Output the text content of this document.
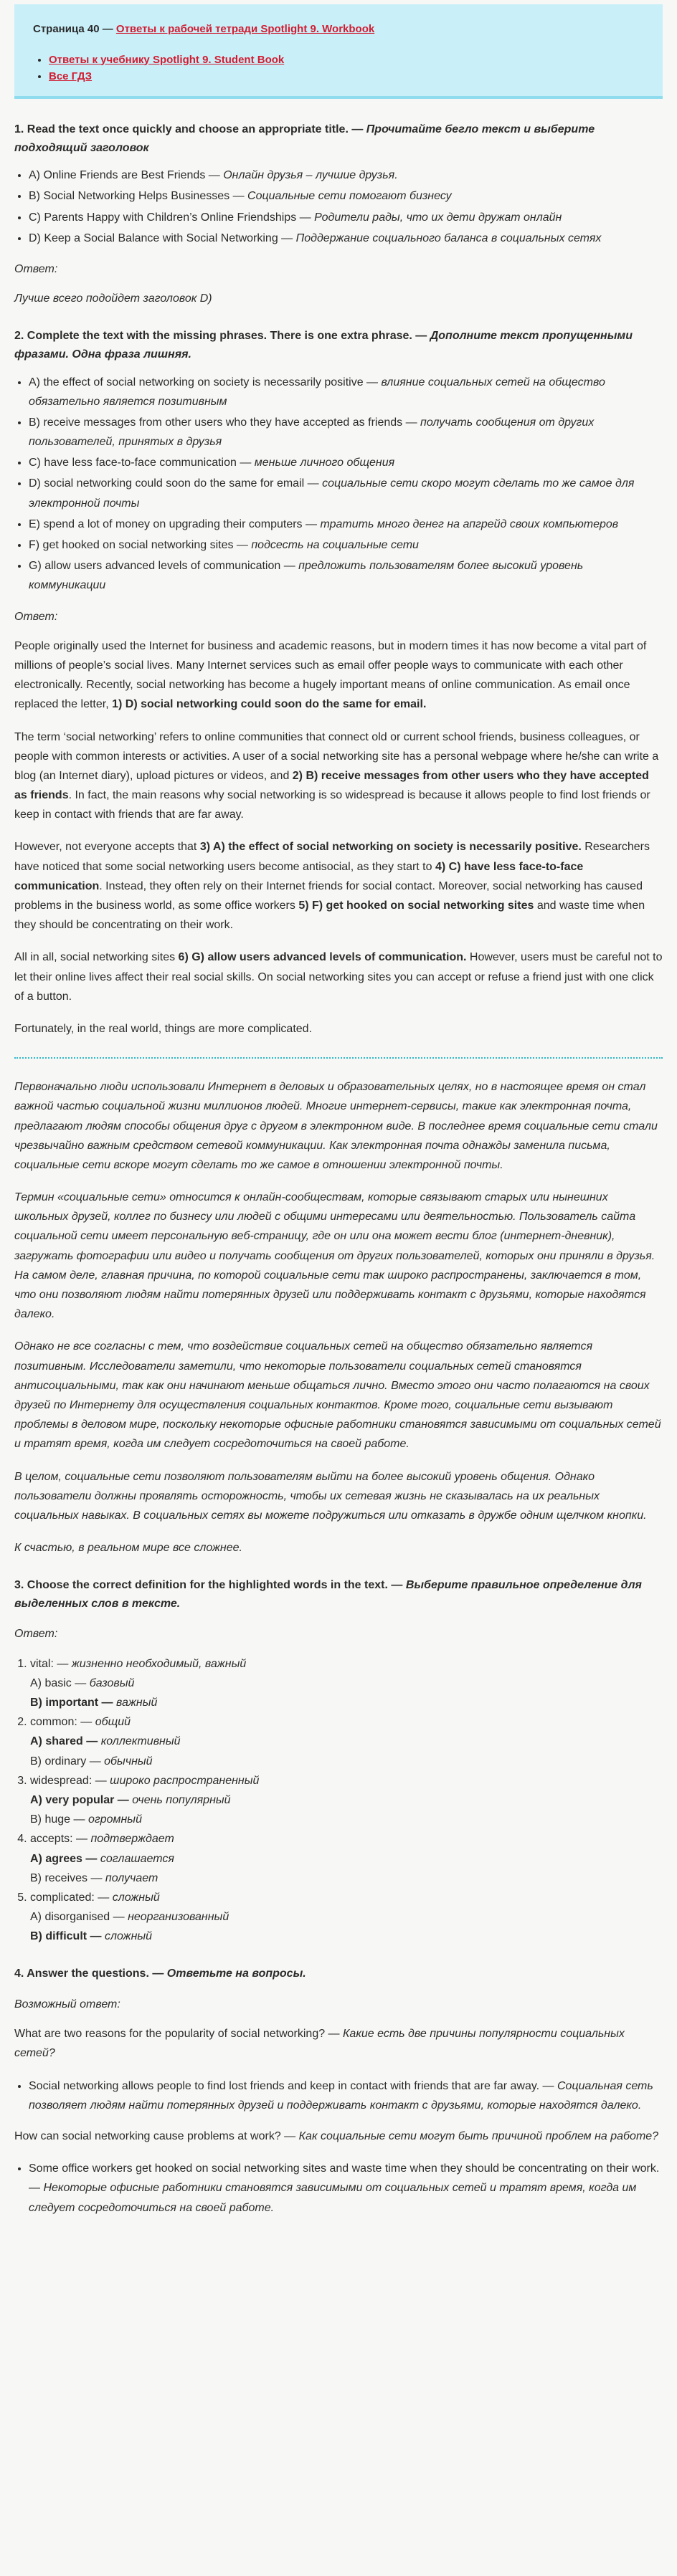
Страница 40 — Ответы к рабочей тетради Spotlight 9. Workbook

• Ответы к учебнику Spotlight 9. Student Book
• Все ГДЗ
1. Read the text once quickly and choose an appropriate title. — Прочитайте бегло текст и выберите подходящий заголовок
• A) Online Friends are Best Friends — Онлайн друзья – лучшие друзья.
• B) Social Networking Helps Businesses — Социальные сети помогают бизнесу
• C) Parents Happy with Children’s Online Friendships — Родители рады, что их дети дружат онлайн
• D) Keep a Social Balance with Social Networking — Поддержание социального баланса в социальных сетях

Ответ:

Лучше всего подойдет заголовок D)

2. Complete the text with the missing phrases. There is one extra phrase. — Дополните текст пропущенными фразами. Одна фраза лишняя.
• A) the effect of social networking on society is necessarily positive — влияние социальных сетей на общество обязательно является позитивным
• B) receive messages from other users who they have accepted as friends — получать сообщения от других пользователей, принятых в друзья
• C) have less face-to-face communication — меньше личного общения
• D) social networking could soon do the same for email — социальные сети скоро могут сделать то же самое для электронной почты
• E) spend a lot of money on upgrading their computers — тратить много денег на апгрейд своих компьютеров
• F) get hooked on social networking sites — подсесть на социальные сети
• G) allow users advanced levels of communication — предложить пользователям более высокий уровень коммуникации

Ответ:

People originally used the Internet for business and academic reasons, but in modern times it has now become a vital part of millions of people’s social lives. Many Internet services such as email offer people ways to communicate with each other electronically. Recently, social networking has become a hugely important means of online communication. As email once replaced the letter, 1) D) social networking could soon do the same for email.

The term ‘social networking’ refers to online communities that connect old or current school friends, business colleagues, or people with common interests or activities. A user of a social networking site has a personal webpage where he/she can write a blog (an Internet diary), upload pictures or videos, and 2) B) receive messages from other users who they have accepted as friends. In fact, the main reasons why social networking is so widespread is because it allows people to find lost friends or keep in contact with friends that are far away.

However, not everyone accepts that 3) A) the effect of social networking on society is necessarily positive. Researchers have noticed that some social networking users become antisocial, as they start to 4) C) have less face-to-face communication. Instead, they often rely on their Internet friends for social contact. Moreover, social networking has caused problems in the business world, as some office workers 5) F) get hooked on social networking sites and waste time when they should be concentrating on their work.

All in all, social networking sites 6) G) allow users advanced levels of communication. However, users must be careful not to let their online lives affect their real social skills. On social networking sites you can accept or refuse a friend just with one click of a button.

Fortunately, in the real world, things are more complicated.

Первоначально люди использовали Интернет в деловых и образовательных целях, но в настоящее время он стал важной частью социальной жизни миллионов людей. Многие интернет-сервисы, такие как электронная почта, предлагают людям способы общения друг с другом в электронном виде. В последнее время социальные сети стали чрезвычайно важным средством сетевой коммуникации. Как электронная почта однажды заменила письма, социальные сети вскоре могут сделать то же самое в отношении электронной почты.

Термин «социальные сети» относится к онлайн-сообществам, которые связывают старых или нынешних школьных друзей, коллег по бизнесу или людей с общими интересами или деятельностью. Пользователь сайта социальной сети имеет персональную веб-страницу, где он или она может вести блог (интернет-дневник), загружать фотографии или видео и получать сообщения от других пользователей, которых они приняли в друзья. На самом деле, главная причина, по которой социальные сети так широко распространены, заключается в том, что они позволяют людям найти потерянных друзей или поддерживать контакт с друзьями, которые находятся далеко.

Однако не все согласны с тем, что воздействие социальных сетей на общество обязательно является позитивным. Исследователи заметили, что некоторые пользователи социальных сетей становятся антисоциальными, так как они начинают меньше общаться лично. Вместо этого они часто полагаются на своих друзей по Интернету для осуществления социальных контактов. Кроме того, социальные сети вызывают проблемы в деловом мире, поскольку некоторые офисные работники становятся зависимыми от социальных сетей и тратят время, когда им следует сосредоточиться на своей работе.

В целом, социальные сети позволяют пользователям выйти на более высокий уровень общения. Однако пользователи должны проявлять осторожность, чтобы их сетевая жизнь не сказывалась на их реальных социальных навыках. В социальных сетях вы можете подружиться или отказать в дружбе одним щелчком кнопки.

К счастью, в реальном мире все сложнее.

3. Choose the correct definition for the highlighted words in the text. — Выберите правильное определение для выделенных слов в тексте.

Ответ:

1. vital: — жизненно необходимый, важный
A) basic — базовый
B) important — важный
2. common: — общий
A) shared — коллективный
B) ordinary — обычный
3. widespread: — широко распространенный
A) very popular — очень популярный
B) huge — огромный
4. accepts: — подтверждает
A) agrees — соглашается
B) receives — получает
5. complicated: — сложный
A) disorganised — неорганизованный
B) difficult — сложный
4. Answer the questions. — Ответьте на вопросы.

Возможный ответ:

What are two reasons for the popularity of social networking? — Какие есть две причины популярности социальных сетей?

• Social networking allows people to find lost friends and keep in contact with friends that are far away. — Социальная сеть позволяет людям найти потерянных друзей и поддерживать контакт с друзьями, которые находятся далеко.

How can social networking cause problems at work? — Как социальные сети могут быть причиной проблем на работе?

• Some office workers get hooked on social networking sites and waste time when they should be concentrating on their work. — Некоторые офисные работники становятся зависимыми от социальных сетей и тратят время, когда им следует сосредоточиться на своей работе.
